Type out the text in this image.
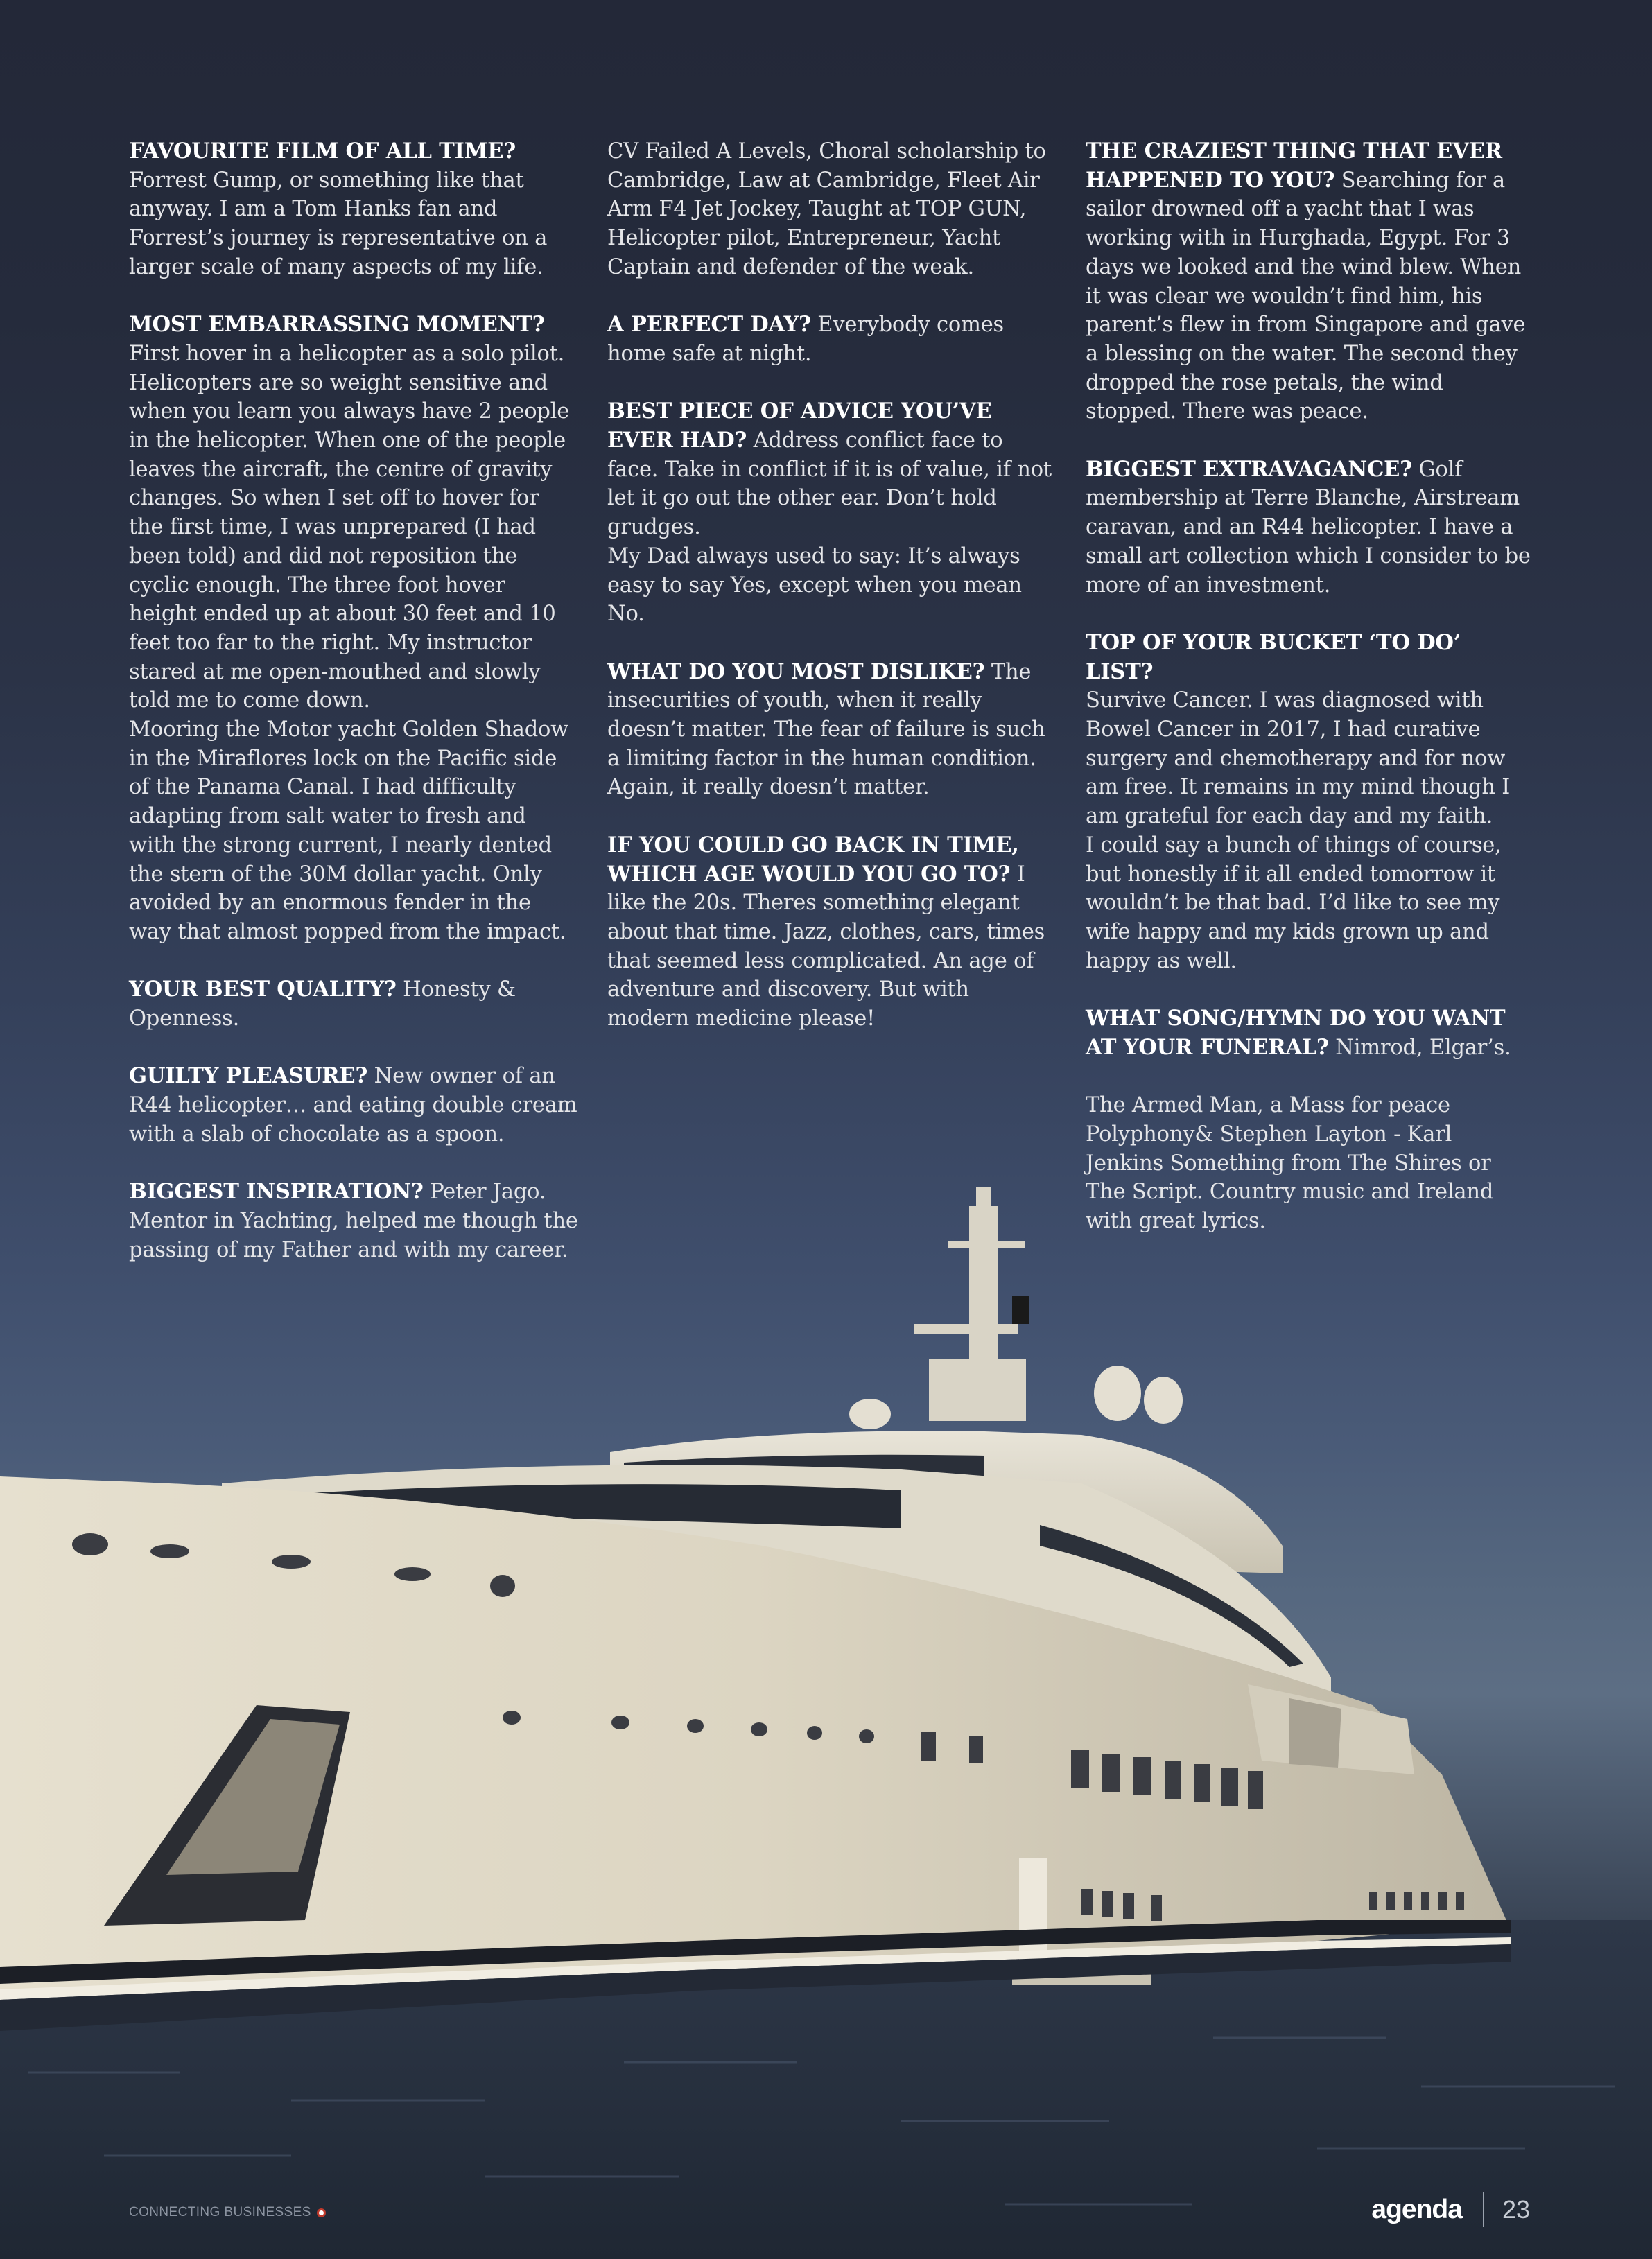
FAVOURITE FILM OF ALL TIME? Forrest Gump, or something like that anyway. I am a Tom Hanks fan and Forrest’s journey is representative on a larger scale of many aspects of my life.

MOST EMBARRASSING MOMENT?
First hover in a helicopter as a solo pilot. Helicopters are so weight sensitive and when you learn you always have 2 people in the helicopter. When one of the people leaves the aircraft, the centre of gravity changes. So when I set off to hover for the first time, I was unprepared (I had been told) and did not reposition the cyclic enough. The three foot hover height ended up at about 30 feet and 10 feet too far to the right. My instructor stared at me open-mouthed and slowly told me to come down.

Mooring the Motor yacht Golden Shadow in the Miraflores lock on the Pacific side of the Panama Canal. I had difficulty adapting from salt water to fresh and with the strong current, I nearly dented the stern of the 30M dollar yacht. Only avoided by an enormous fender in the way that almost popped from the impact.

YOUR BEST QUALITY? Honesty & Openness.

GUILTY PLEASURE? New owner of an R44 helicopter… and eating double cream with a slab of chocolate as a spoon.

BIGGEST INSPIRATION? Peter Jago. Mentor in Yachting, helped me though the passing of my Father and with my career.

CV Failed A Levels, Choral scholarship to Cambridge, Law at Cambridge, Fleet Air Arm F4 Jet Jockey, Taught at TOP GUN, Helicopter pilot, Entrepreneur, Yacht Captain and defender of the weak.

A PERFECT DAY? Everybody comes home safe at night.

BEST PIECE OF ADVICE YOU’VE EVER HAD? Address conflict face to face. Take in conflict if it is of value, if not let it go out the other ear. Don’t hold grudges.

My Dad always used to say: It’s always easy to say Yes, except when you mean No.

WHAT DO YOU MOST DISLIKE? The insecurities of youth, when it really doesn’t matter. The fear of failure is such a limiting factor in the human condition. Again, it really doesn’t matter.

IF YOU COULD GO BACK IN TIME, WHICH AGE WOULD YOU GO TO? I like the 20s. Theres something elegant about that time. Jazz, clothes, cars, times that seemed less complicated. An age of adventure and discovery. But with modern medicine please!

THE CRAZIEST THING THAT EVER HAPPENED TO YOU? Searching for a sailor drowned off a yacht that I was working with in Hurghada, Egypt. For 3 days we looked and the wind blew. When it was clear we wouldn’t find him, his parent’s flew in from Singapore and gave a blessing on the water. The second they dropped the rose petals, the wind stopped. There was peace.

BIGGEST EXTRAVAGANCE? Golf membership at Terre Blanche, Airstream caravan, and an R44 helicopter. I have a small art collection which I consider to be more of an investment.

TOP OF YOUR BUCKET ‘TO DO’ LIST?
Survive Cancer. I was diagnosed with Bowel Cancer in 2017, I had curative surgery and chemotherapy and for now am free. It remains in my mind though I am grateful for each day and my faith.

I could say a bunch of things of course, but honestly if it all ended tomorrow it wouldn’t be that bad. I’d like to see my wife happy and my kids grown up and happy as well.

WHAT SONG/HYMN DO YOU WANT AT YOUR FUNERAL? Nimrod, Elgar’s.

The Armed Man, a Mass for peace Polyphony& Stephen Layton - Karl Jenkins Something from The Shires or The Script. Country music and Ireland with great lyrics.

CONNECTING BUSINESSES	agenda 23
